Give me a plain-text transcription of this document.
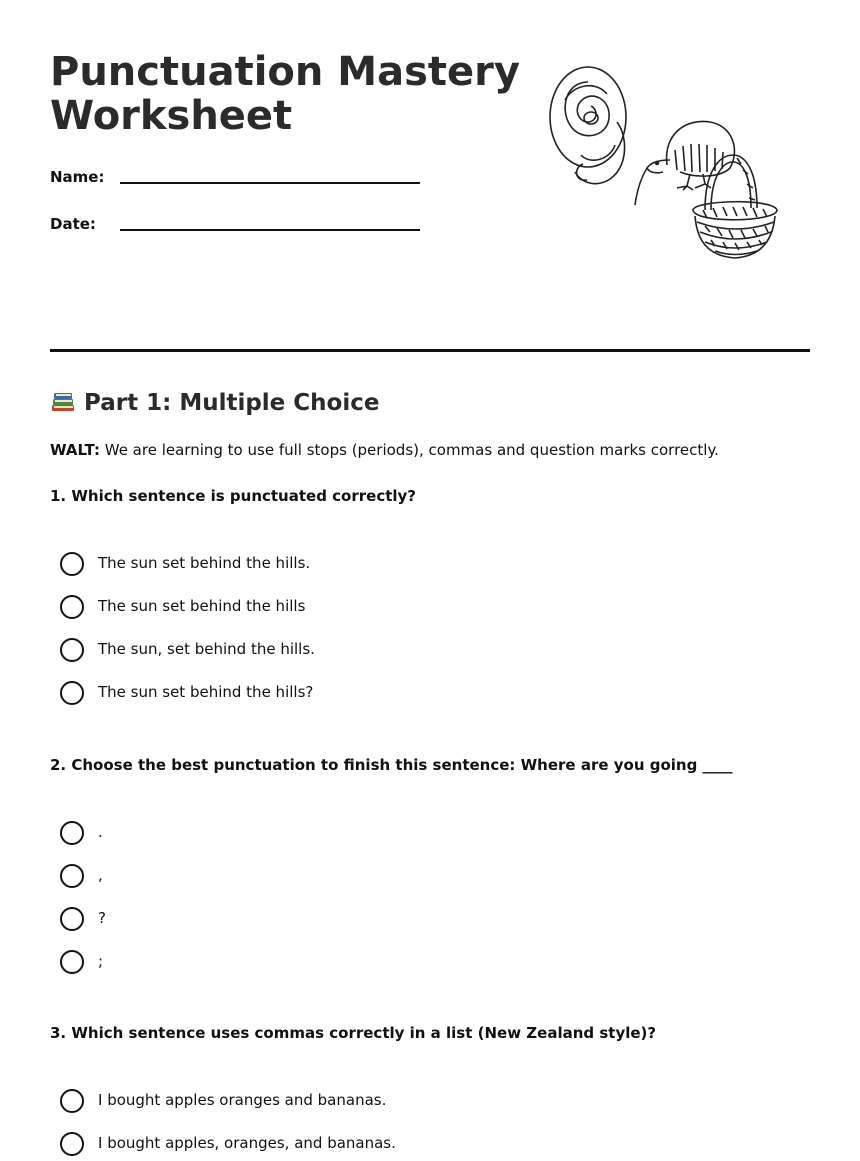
Punctuation Mastery
Worksheet
Name:
Date:
Part 1: Multiple Choice
WALT: We are learning to use full stops (periods), commas and question marks correctly.
1. Which sentence is punctuated correctly?
The sun set behind the hills.
The sun set behind the hills
The sun, set behind the hills.
The sun set behind the hills?
2. Choose the best punctuation to finish this sentence: Where are you going ____
.
,
?
;
3. Which sentence uses commas correctly in a list (New Zealand style)?
I bought apples oranges and bananas.
I bought apples, oranges, and bananas.
